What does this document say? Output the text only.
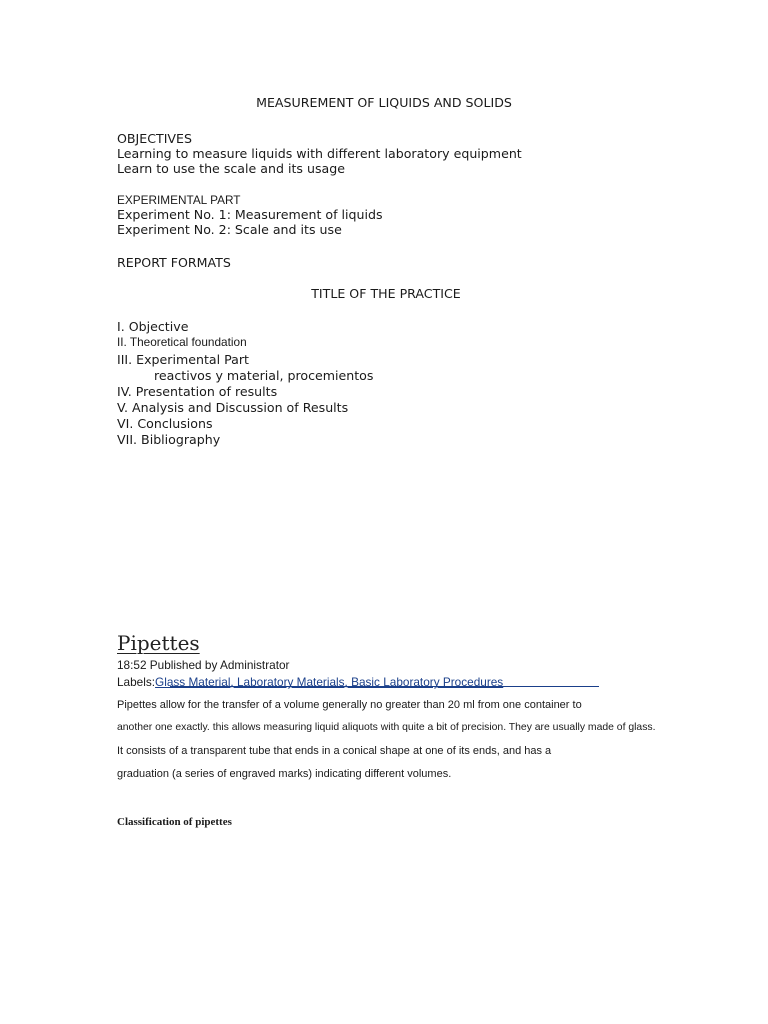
MEASUREMENT OF LIQUIDS AND SOLIDS
OBJECTIVES
Learning to measure liquids with different laboratory equipment
Learn to use the scale and its usage
EXPERIMENTAL PART
Experiment No. 1: Measurement of liquids
Experiment No. 2: Scale and its use
REPORT FORMATS
TITLE OF THE PRACTICE
I. Objective
II. Theoretical foundation
III. Experimental Part
reactivos y material, procemientos
IV. Presentation of results
V. Analysis and Discussion of Results
VI. Conclusions
VII. Bibliography
Pipettes
18:52 Published by Administrator
Labels:Glass Material, Laboratory Materials, Basic Laboratory Procedures
Pipettes allow for the transfer of a volume generally no greater than 20 ml from one container to
another one exactly. this allows measuring liquid aliquots with quite a bit of precision. They are usually made of glass.
It consists of a transparent tube that ends in a conical shape at one of its ends, and has a
graduation (a series of engraved marks) indicating different volumes.
Classification of pipettes
